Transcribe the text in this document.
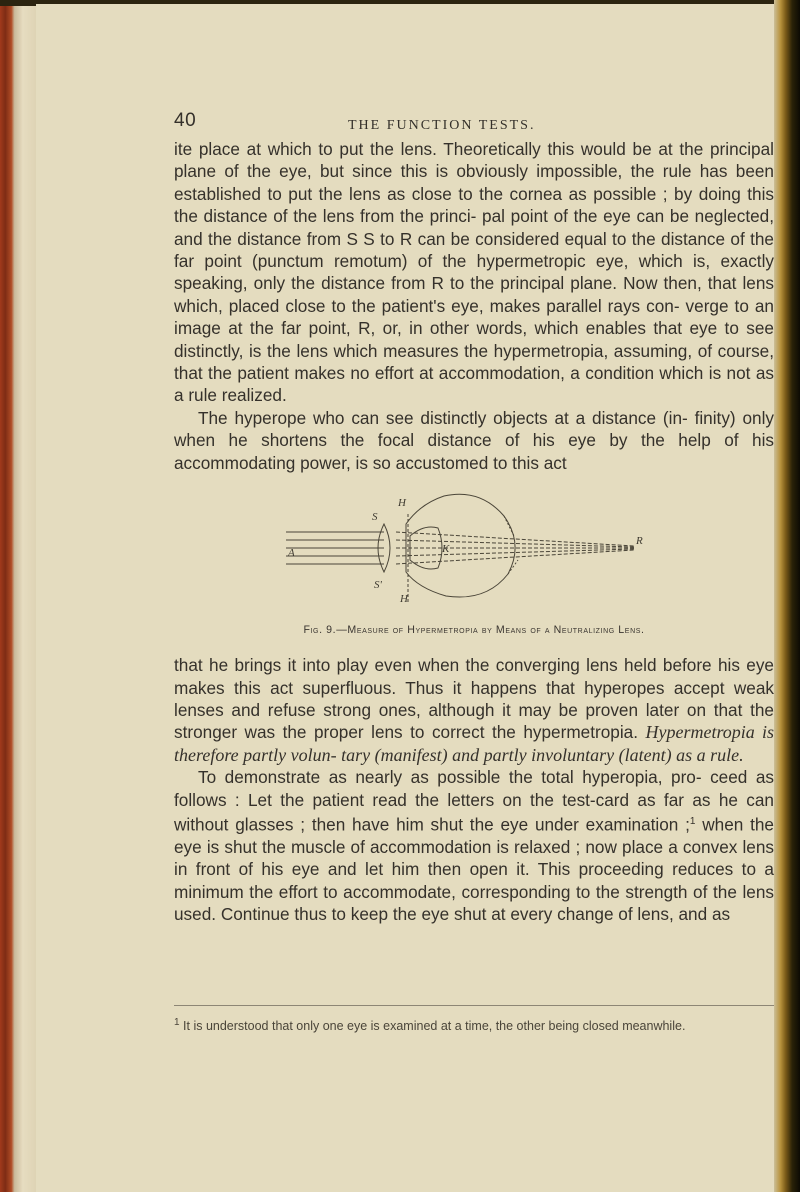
40	THE FUNCTION TESTS.

ite place at which to put the lens. Theoretically this would be at the principal plane of the eye, but since this is obviously impossible, the rule has been established to put the lens as close to the cornea as possible ; by doing this the distance of the lens from the princi- pal point of the eye can be neglected, and the distance from S S to R can be considered equal to the distance of the far point (punctum remotum) of the hypermetropic eye, which is, exactly speaking, only the distance from R to the principal plane. Now then, that lens which, placed close to the patient's eye, makes parallel rays con- verge to an image at the far point, R, or, in other words, which enables that eye to see distinctly, is the lens which measures the hypermetropia, assuming, of course, that the patient makes no effort at accommodation, a condition which is not as a rule realized.

The hyperope who can see distinctly objects at a distance (in- finity) only when he shortens the focal distance of his eye by the help of his accommodating power, is so accustomed to this act

H
S
A	K
R
S'
H

Fig. 9.—Measure of Hypermetropia by Means of a Neutralizing Lens.

that he brings it into play even when the converging lens held before his eye makes this act superfluous. Thus it happens that hyperopes accept weak lenses and refuse strong ones, although it may be proven later on that the stronger was the proper lens to correct the hypermetropia. Hypermetropia is therefore partly volun- tary (manifest) and partly involuntary (latent) as a rule.

To demonstrate as nearly as possible the total hyperopia, pro- ceed as follows : Let the patient read the letters on the test-card as far as he can without glasses ; then have him shut the eye under examination ;$^1$ when the eye is shut the muscle of accommodation is relaxed ; now place a convex lens in front of his eye and let him then open it. This proceeding reduces to a minimum the effort to accommodate, corresponding to the strength of the lens used. Continue thus to keep the eye shut at every change of lens, and as

$^1$ It is understood that only one eye is examined at a time, the other being closed meanwhile.
